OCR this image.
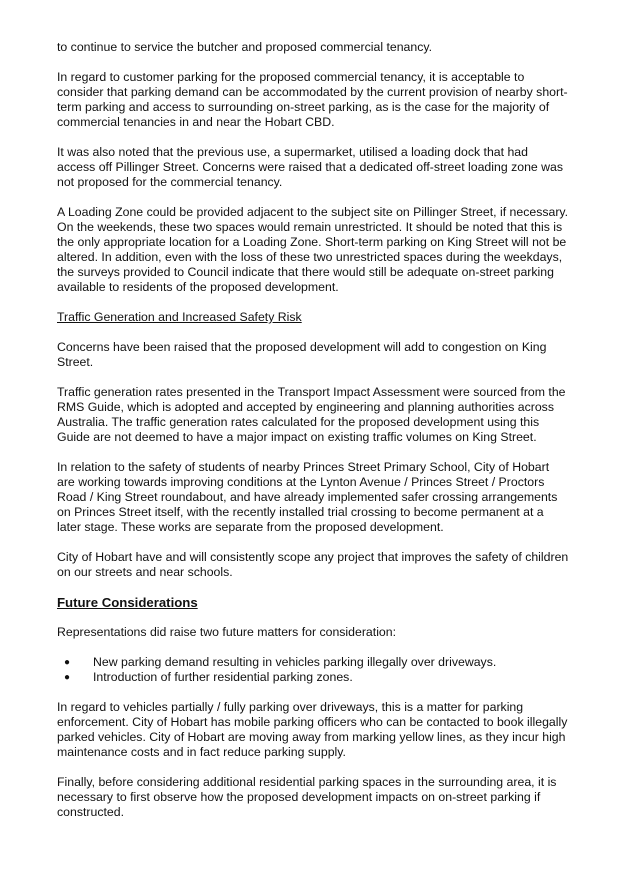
to continue to service the butcher and proposed commercial tenancy.

In regard to customer parking for the proposed commercial tenancy, it is acceptable to consider that parking demand can be accommodated by the current provision of nearby short-term parking and access to surrounding on-street parking, as is the case for the majority of commercial tenancies in and near the Hobart CBD.

It was also noted that the previous use, a supermarket, utilised a loading dock that had access off Pillinger Street. Concerns were raised that a dedicated off-street loading zone was not proposed for the commercial tenancy.

A Loading Zone could be provided adjacent to the subject site on Pillinger Street, if necessary. On the weekends, these two spaces would remain unrestricted. It should be noted that this is the only appropriate location for a Loading Zone. Short-term parking on King Street will not be altered. In addition, even with the loss of these two unrestricted spaces during the weekdays, the surveys provided to Council indicate that there would still be adequate on-street parking available to residents of the proposed development.

Traffic Generation and Increased Safety Risk

Concerns have been raised that the proposed development will add to congestion on King Street.

Traffic generation rates presented in the Transport Impact Assessment were sourced from the RMS Guide, which is adopted and accepted by engineering and planning authorities across Australia. The traffic generation rates calculated for the proposed development using this Guide are not deemed to have a major impact on existing traffic volumes on King Street.

In relation to the safety of students of nearby Princes Street Primary School, City of Hobart are working towards improving conditions at the Lynton Avenue / Princes Street / Proctors Road / King Street roundabout, and have already implemented safer crossing arrangements on Princes Street itself, with the recently installed trial crossing to become permanent at a later stage. These works are separate from the proposed development.

City of Hobart have and will consistently scope any project that improves the safety of children on our streets and near schools.

Future Considerations

Representations did raise two future matters for consideration:

● New parking demand resulting in vehicles parking illegally over driveways.
● Introduction of further residential parking zones.

In regard to vehicles partially / fully parking over driveways, this is a matter for parking enforcement. City of Hobart has mobile parking officers who can be contacted to book illegally parked vehicles. City of Hobart are moving away from marking yellow lines, as they incur high maintenance costs and in fact reduce parking supply.

Finally, before considering additional residential parking spaces in the surrounding area, it is necessary to first observe how the proposed development impacts on on-street parking if constructed.
